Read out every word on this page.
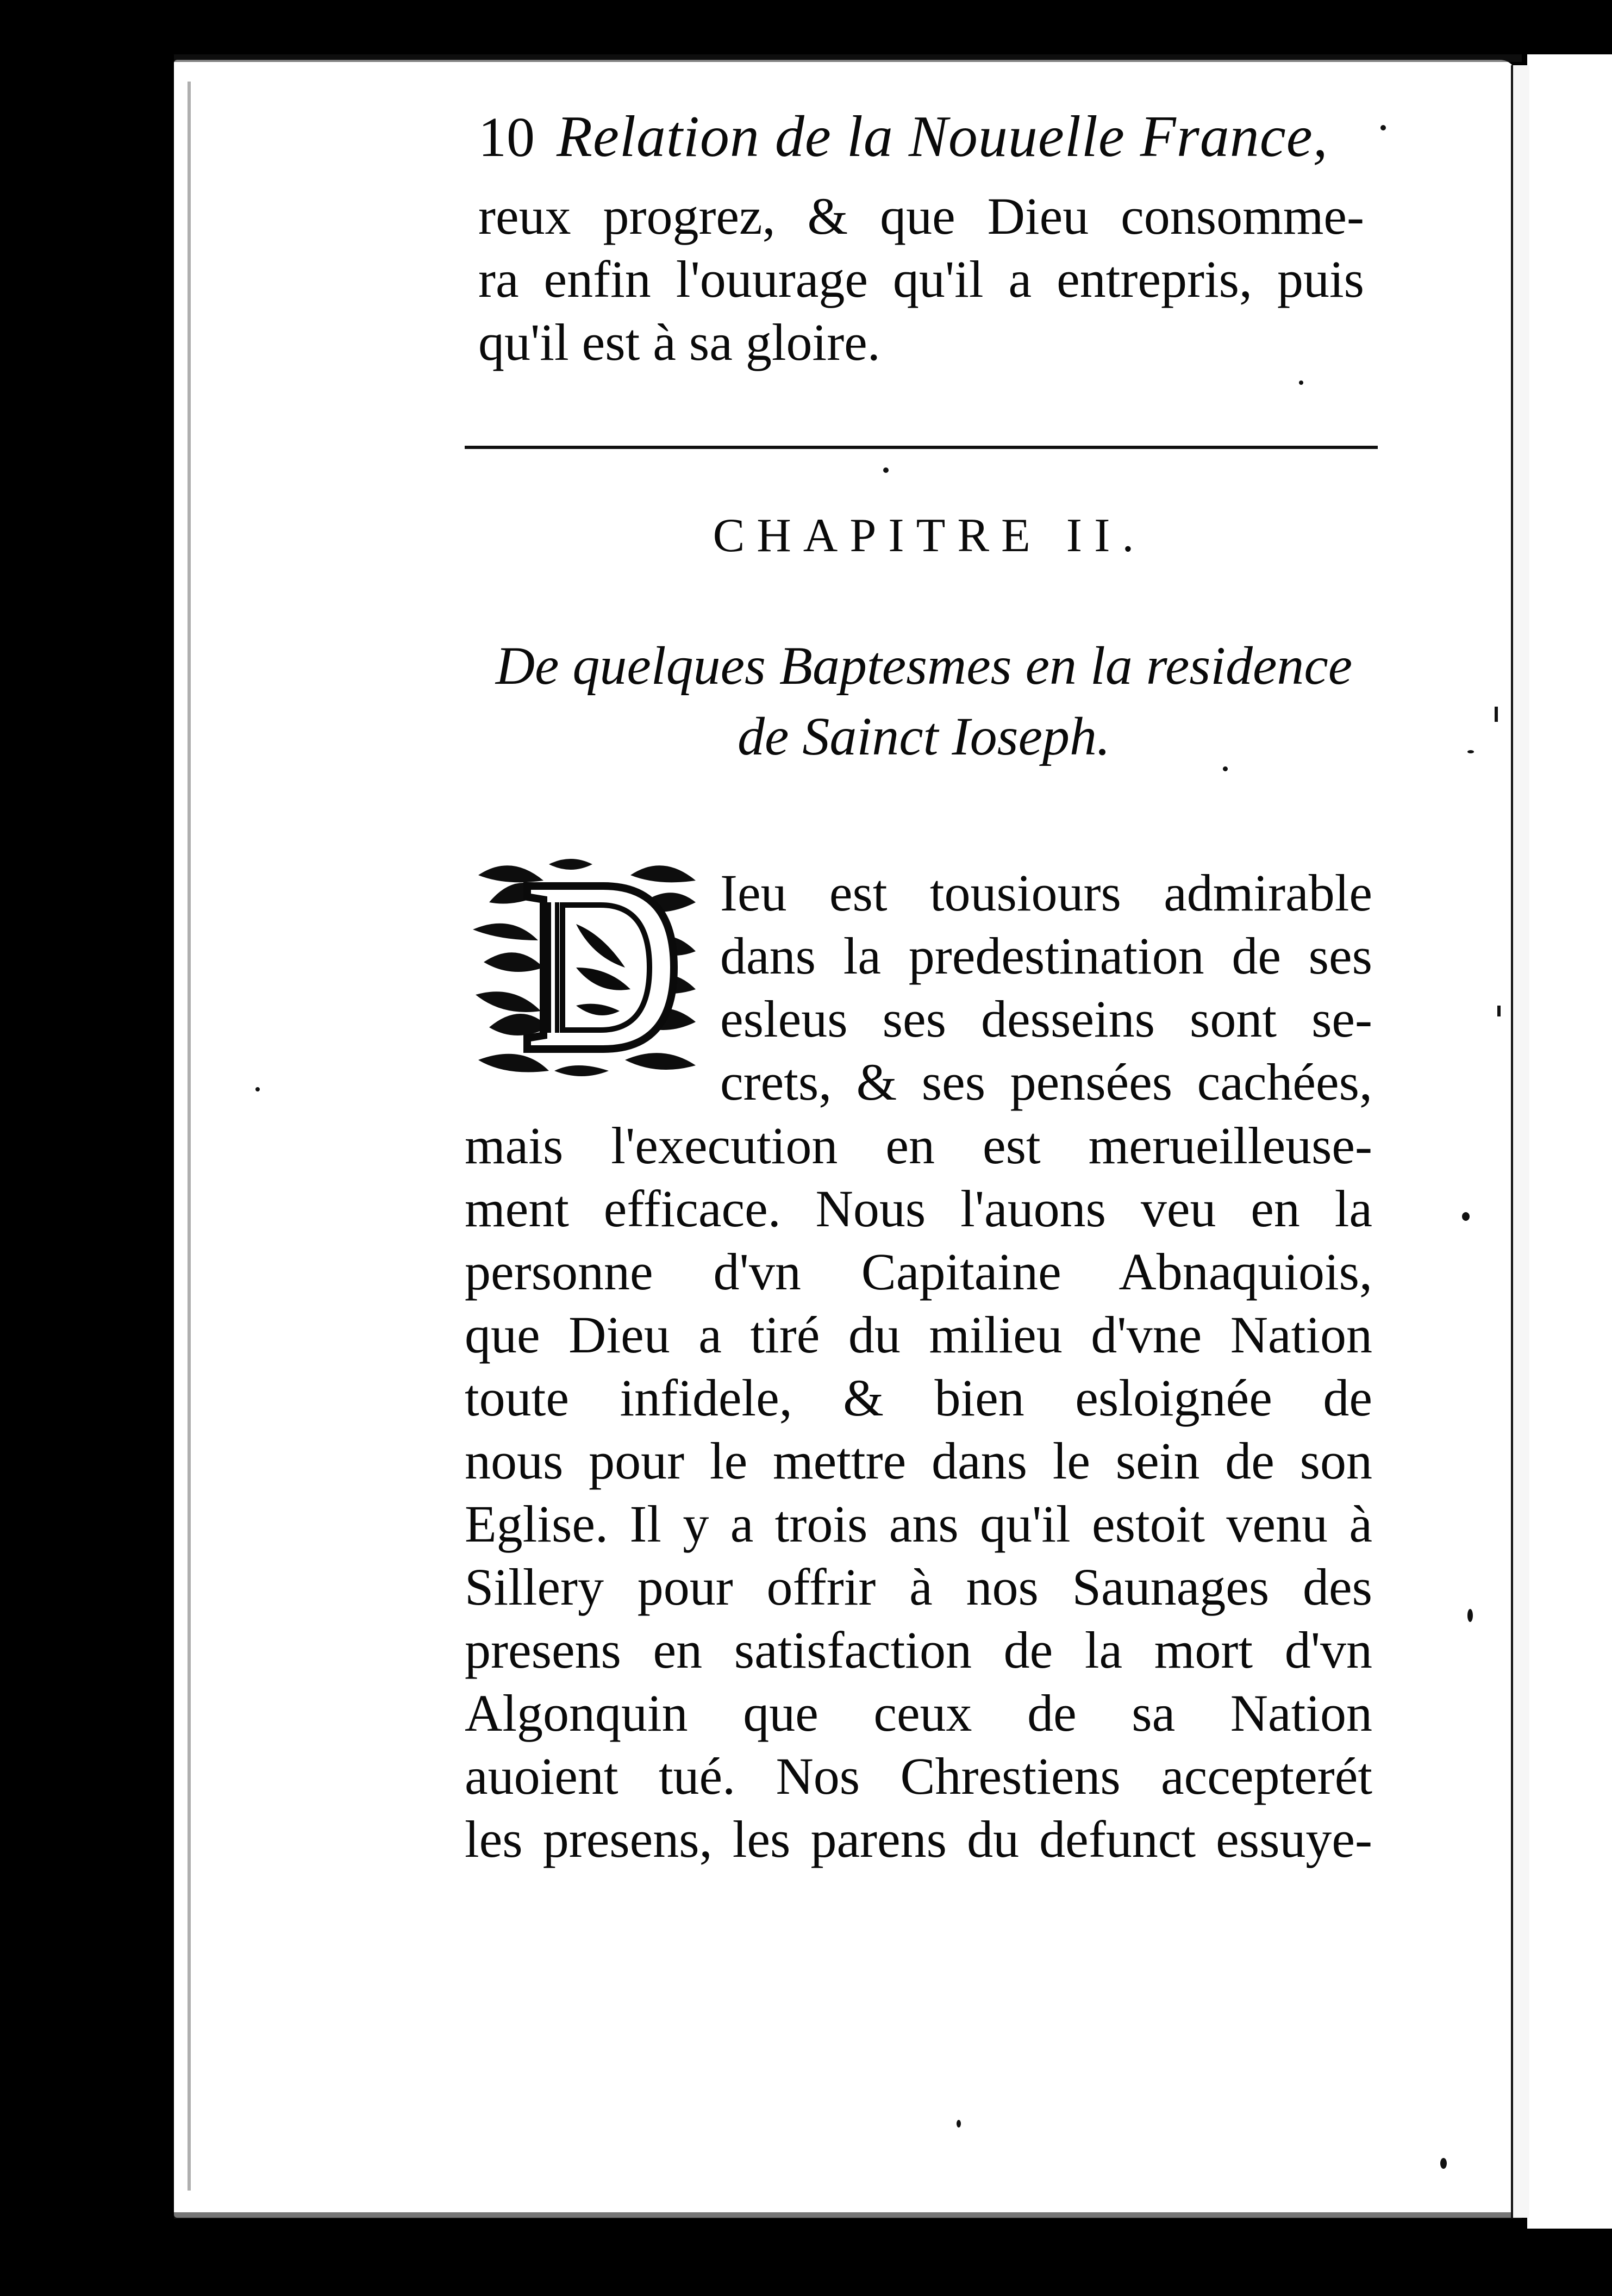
10 Relation de la Nouuelle France,
reux progrez, & que Dieu consommе-
ra enfin l'ouurage qu'il a entrepris, puis
qu'il est à sa gloire.
CHAPITRE II.
De quelques Baptesmes en la residence
de Sainct Ioseph.
Ieu est tousiours admirable
dans la predestination de ses
esleus ses desseins sont se-
crets, & ses pensées cachées,
mais l'execution en est merueilleuse-
ment efficace. Nous l'auons veu en la
personne d'vn Capitaine Abnaquiois,
que Dieu a tiré du milieu d'vne Nation
toute infidele, & bien esloignée de
nous pour le mettre dans le sein de son
Eglise. Il y a trois ans qu'il estoit venu à
Sillery pour offrir à nos Saunages des
presens en satisfaction de la mort d'vn
Algonquin que ceux de sa Nation
auoient tué. Nos Chrestiens accepterét
les presens, les parens du defunct essuye-
